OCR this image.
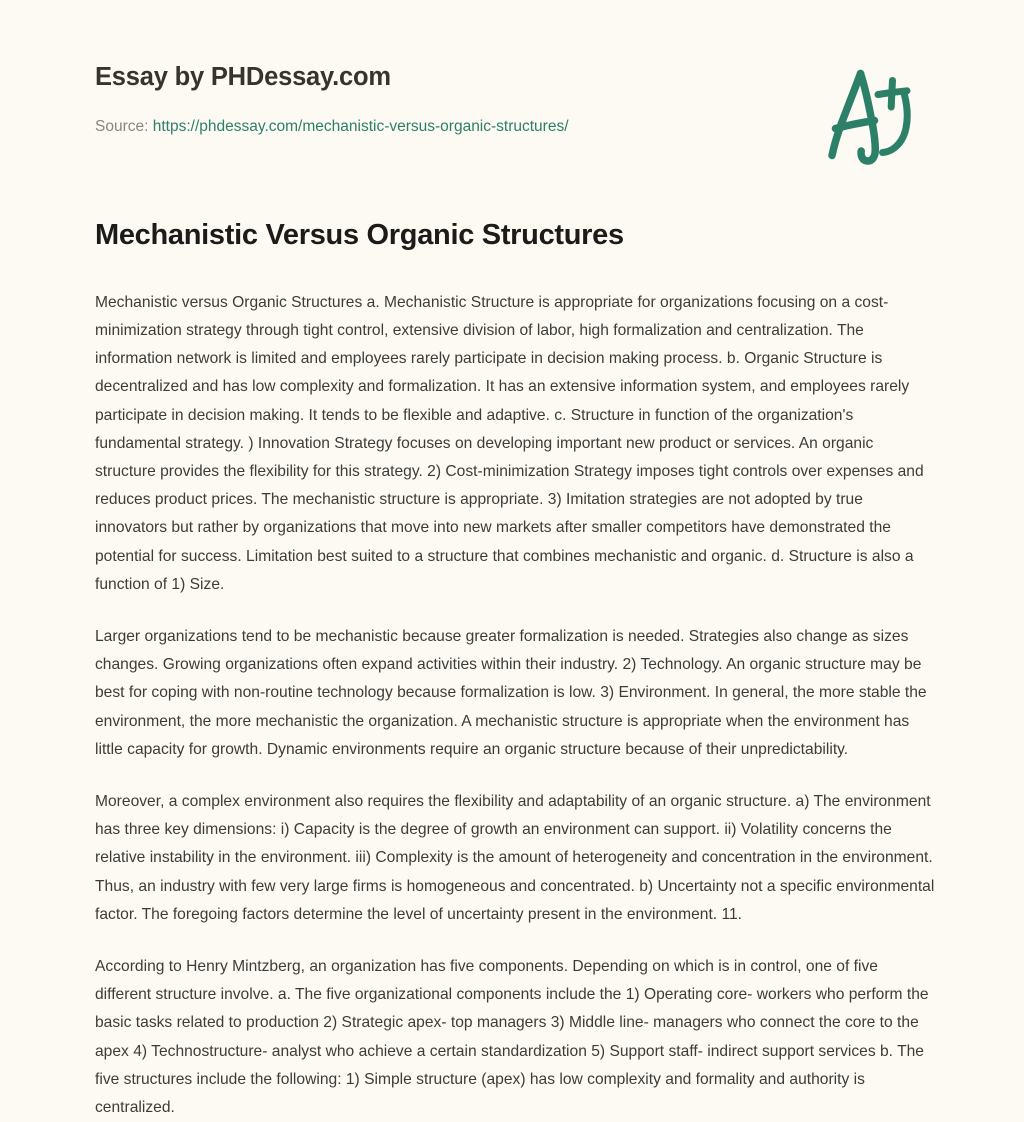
Essay by PHDessay.com
Source: https://phdessay.com/mechanistic-versus-organic-structures/
Mechanistic Versus Organic Structures

Mechanistic versus Organic Structures a. Mechanistic Structure is appropriate for organizations focusing on a cost- minimization strategy through tight control, extensive division of labor, high formalization and centralization. The information network is limited and employees rarely participate in decision making process. b. Organic Structure is decentralized and has low complexity and formalization. It has an extensive information system, and employees rarely participate in decision making. It tends to be flexible and adaptive. c. Structure in function of the organization's fundamental strategy. ) Innovation Strategy focuses on developing important new product or services. An organic structure provides the flexibility for this strategy. 2) Cost-minimization Strategy imposes tight controls over expenses and reduces product prices. The mechanistic structure is appropriate. 3) Imitation strategies are not adopted by true innovators but rather by organizations that move into new markets after smaller competitors have demonstrated the potential for success. Limitation best suited to a structure that combines mechanistic and organic. d. Structure is also a function of 1) Size.

Larger organizations tend to be mechanistic because greater formalization is needed. Strategies also change as sizes changes. Growing organizations often expand activities within their industry. 2) Technology. An organic structure may be best for coping with non-routine technology because formalization is low. 3) Environment. In general, the more stable the environment, the more mechanistic the organization. A mechanistic structure is appropriate when the environment has little capacity for growth. Dynamic environments require an organic structure because of their unpredictability.

Moreover, a complex environment also requires the flexibility and adaptability of an organic structure. a) The environment has three key dimensions: i) Capacity is the degree of growth an environment can support. ii) Volatility concerns the relative instability in the environment. iii) Complexity is the amount of heterogeneity and concentration in the environment. Thus, an industry with few very large firms is homogeneous and concentrated. b) Uncertainty not a specific environmental factor. The foregoing factors determine the level of uncertainty present in the environment. 11.

According to Henry Mintzberg, an organization has five components. Depending on which is in control, one of five different structure involve. a. The five organizational components include the 1) Operating core- workers who perform the basic tasks related to production 2) Strategic apex- top managers 3) Middle line- managers who connect the core to the apex 4) Technostructure- analyst who achieve a certain standardization 5) Support staff- indirect support services b. The five structures include the following: 1) Simple structure (apex) has low complexity and formality and authority is centralized.
